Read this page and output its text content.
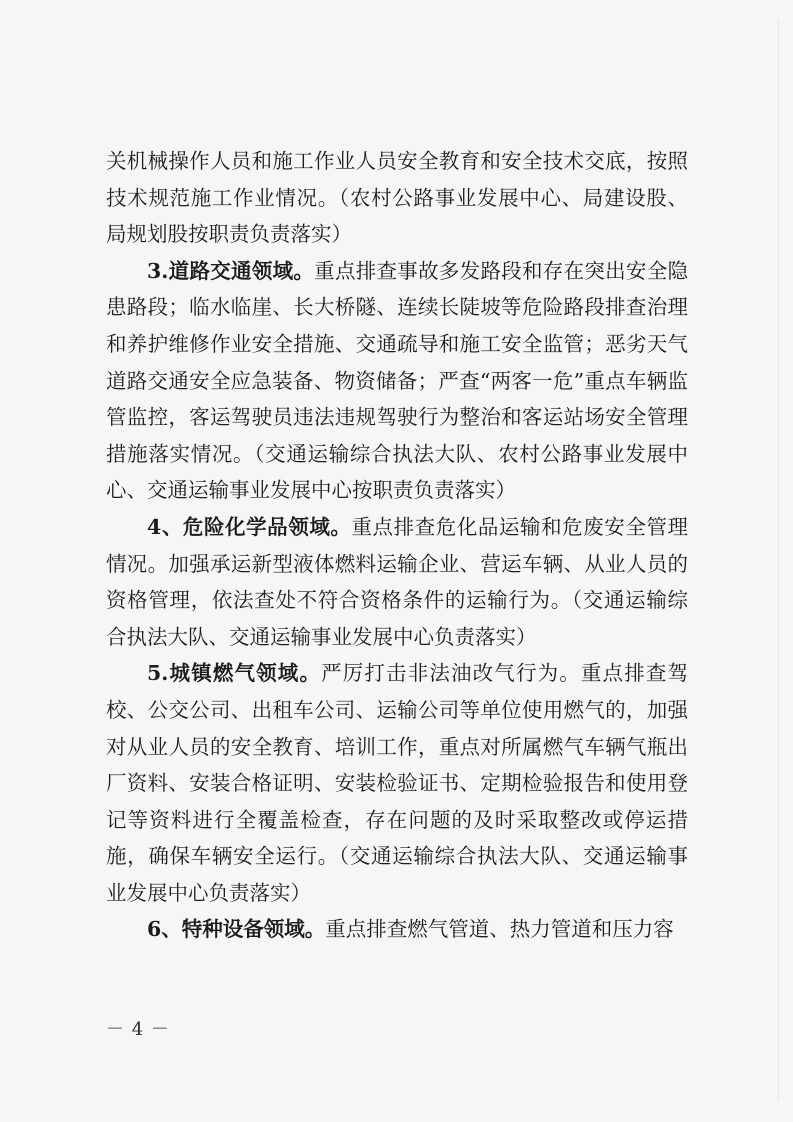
关机械操作人员和施工作业人员安全教育和安全技术交底，按照技术规范施工作业情况。（农村公路事业发展中心、局建设股、局规划股按职责负责落实）

3.道路交通领域。重点排查事故多发路段和存在突出安全隐患路段；临水临崖、长大桥隧、连续长陡坡等危险路段排查治理和养护维修作业安全措施、交通疏导和施工安全监管；恶劣天气道路交通安全应急装备、物资储备；严查“两客一危”重点车辆监管监控，客运驾驶员违法违规驾驶行为整治和客运站场安全管理措施落实情况。（交通运输综合执法大队、农村公路事业发展中心、交通运输事业发展中心按职责负责落实）

4、危险化学品领域。重点排查危化品运输和危废安全管理情况。加强承运新型液体燃料运输企业、营运车辆、从业人员的资格管理，依法查处不符合资格条件的运输行为。（交通运输综合执法大队、交通运输事业发展中心负责落实）

5.城镇燃气领域。严厉打击非法油改气行为。重点排查驾校、公交公司、出租车公司、运输公司等单位使用燃气的，加强对从业人员的安全教育、培训工作，重点对所属燃气车辆气瓶出厂资料、安装合格证明、安装检验证书、定期检验报告和使用登记等资料进行全覆盖检查，存在问题的及时采取整改或停运措施，确保车辆安全运行。（交通运输综合执法大队、交通运输事业发展中心负责落实）

6、特种设备领域。重点排查燃气管道、热力管道和压力容

－ 4 －
